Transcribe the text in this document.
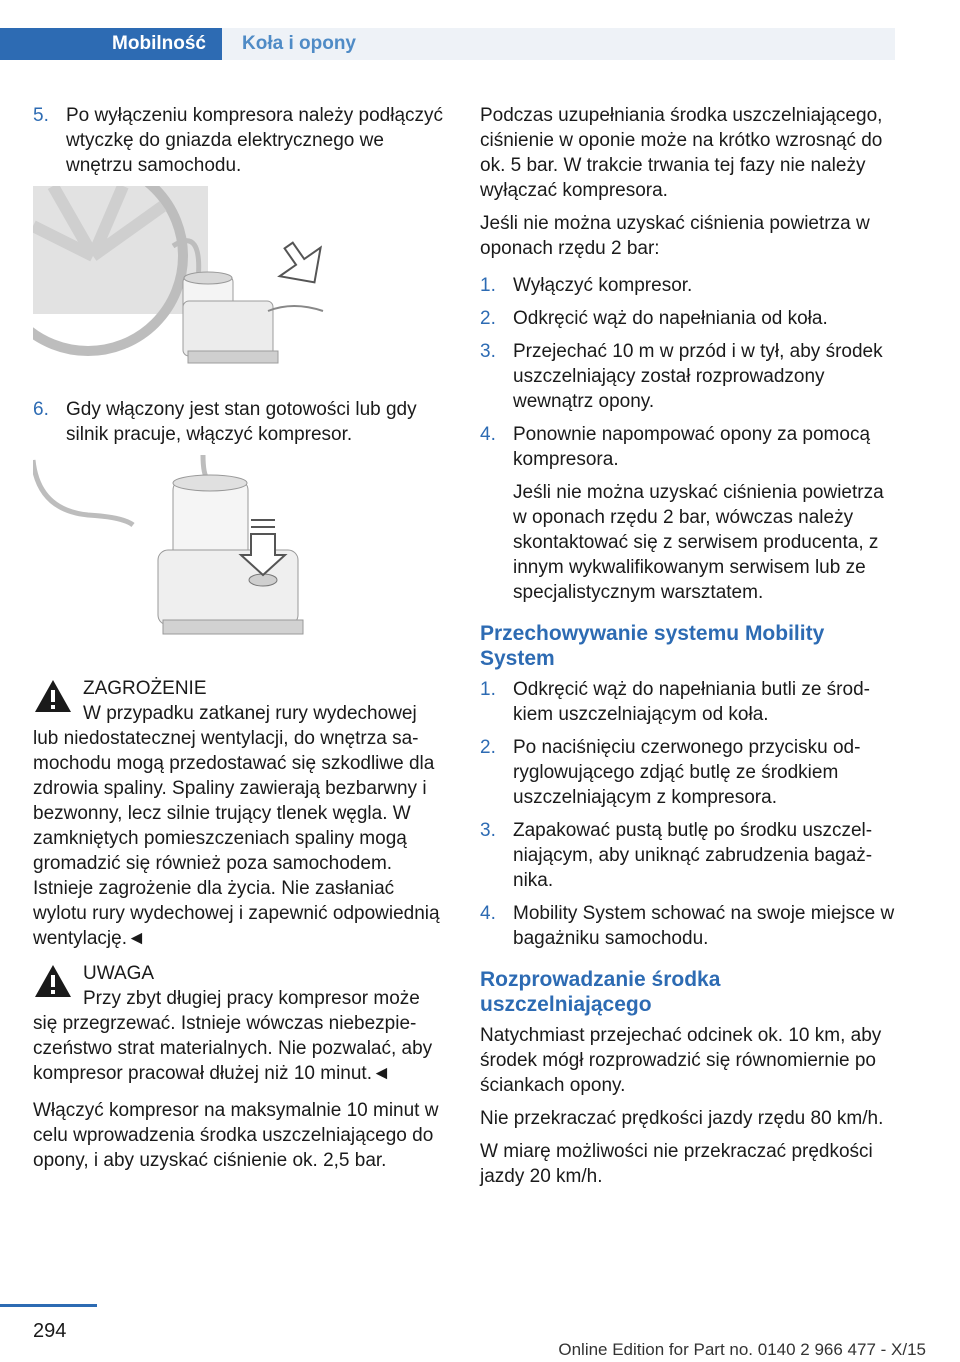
Mobilność	Koła i opony
5. Po wyłączeniu kompresora należy podłączyć wtyczkę do gniazda elektrycznego we wnętrzu samochodu.
6. Gdy włączony jest stan gotowości lub gdy silnik pracuje, włączyć kompresor.
ZAGROŻENIE
W przypadku zatkanej rury wydechowej
lub niedostatecznej wentylacji, do wnętrza samochodu mogą przedostawać się szkodliwe dla zdrowia spaliny. Spaliny zawierają bezbarwny i bezwonny, lecz silnie trujący tlenek węgla. W zamkniętych pomieszczeniach spaliny mogą gromadzić się również poza samochodem. Istnieje zagrożenie dla życia. Nie zasłaniać wylotu rury wydechowej i zapewnić odpowiednią wentylację.◄
UWAGA
Przy zbyt długiej pracy kompresor może
się przegrzewać. Istnieje wówczas niebezpieczeństwo strat materialnych. Nie pozwalać, aby kompresor pracował dłużej niż 10 minut.◄

Włączyć kompresor na maksymalnie 10 minut w celu wprowadzenia środka uszczelniającego do opony, i aby uzyskać ciśnienie ok. 2,5 bar.

Podczas uzupełniania środka uszczelniającego, ciśnienie w oponie może na krótko wzrosnąć do ok. 5 bar. W trakcie trwania tej fazy nie należy wyłączać kompresora.

Jeśli nie można uzyskać ciśnienia powietrza w oponach rzędu 2 bar:

1. Wyłączyć kompresor.
2. Odkręcić wąż do napełniania od koła.
3. Przejechać 10 m w przód i w tył, aby środek uszczelniający został rozprowadzony wewnątrz opony.
4. Ponownie napompować opony za pomocą kompresora.
Jeśli nie można uzyskać ciśnienia powietrza w oponach rzędu 2 bar, wówczas należy skontaktować się z serwisem producenta, z innym wykwalifikowanym serwisem lub ze specjalistycznym warsztatem.
Przechowywanie systemu Mobility System
1. Odkręcić wąż do napełniania butli ze środkiem uszczelniającym od koła.
2. Po naciśnięciu czerwonego przycisku odryglowującego zdjąć butlę ze środkiem uszczelniającym z kompresora.
3. Zapakować pustą butlę po środku uszczelniającym, aby uniknąć zabrudzenia bagażnika.
4. Mobility System schować na swoje miejsce w bagażniku samochodu.
Rozprowadzanie środka uszczelniającego

Natychmiast przejechać odcinek ok. 10 km, aby środek mógł rozprowadzić się równomiernie po ściankach opony.

Nie przekraczać prędkości jazdy rzędu 80 km/h.

W miarę możliwości nie przekraczać prędkości jazdy 20 km/h.

294
Online Edition for Part no. 0140 2 966 477 - X/15
